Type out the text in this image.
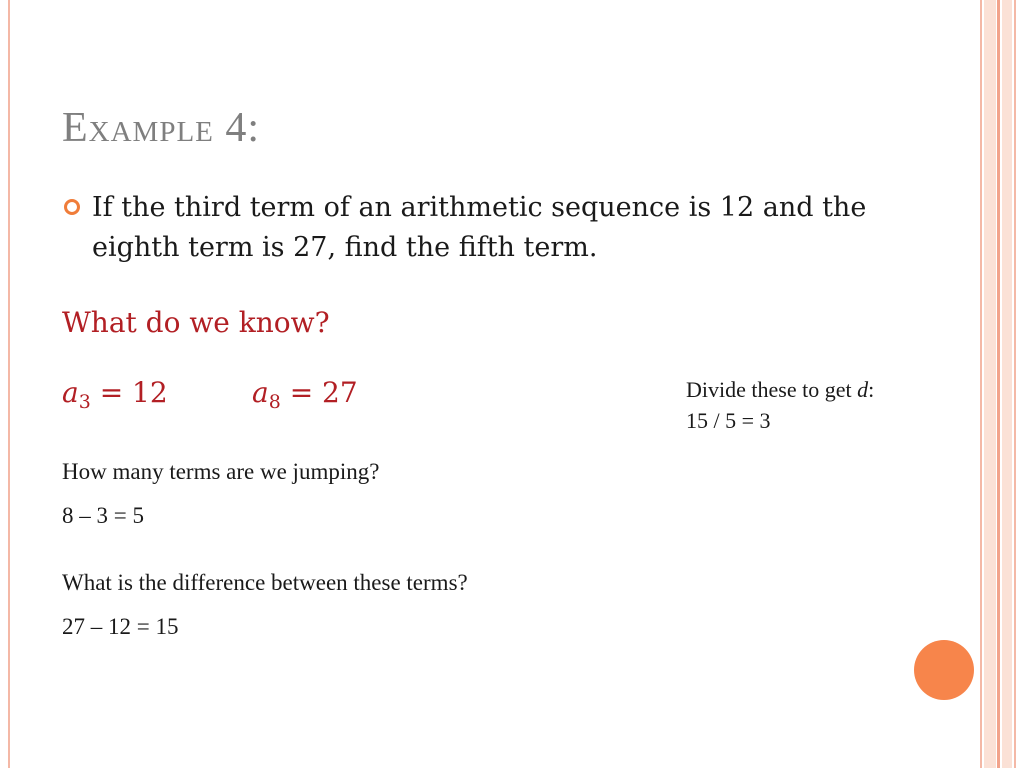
Example 4:
If the third term of an arithmetic sequence is 12 and the eighth term is 27, find the fifth term.
What do we know?
$a_3 = 12$	$a_8 = 27$	Divide these to get d:
15 / 5 = 3
How many terms are we jumping?
8 – 3 = 5
What is the difference between these terms?
27 – 12 = 15
